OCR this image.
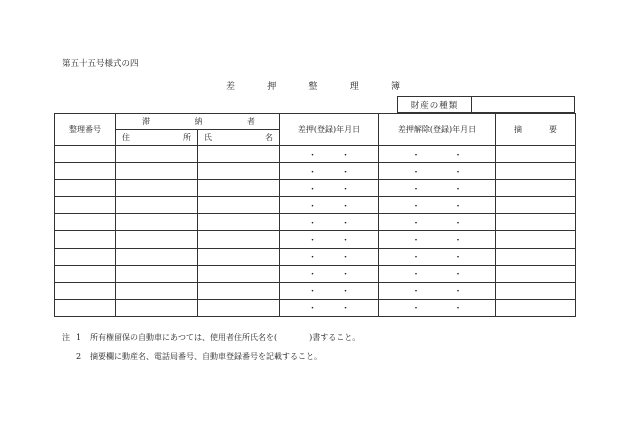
第五十五号様式の四
差	押	整	理	簿
財産の種類
整理番号	滞 納 者		差押(登録)年月日	差押解除(登録)年月日	摘 要

	住 所	氏 名			

			・ ・	・ ・	

			・ ・	・ ・	

			・ ・	・ ・	

			・ ・	・ ・	

			・ ・	・ ・	

			・ ・	・ ・	

			・ ・	・ ・	

			・ ・	・ ・	

			・ ・	・ ・	

			・ ・	・ ・	

注 1	所有権留保の自動車にあつては、使用者住所氏名を(	)書すること。
2	摘要欄に動産名、電話局番号、自動車登録番号を記載すること。
